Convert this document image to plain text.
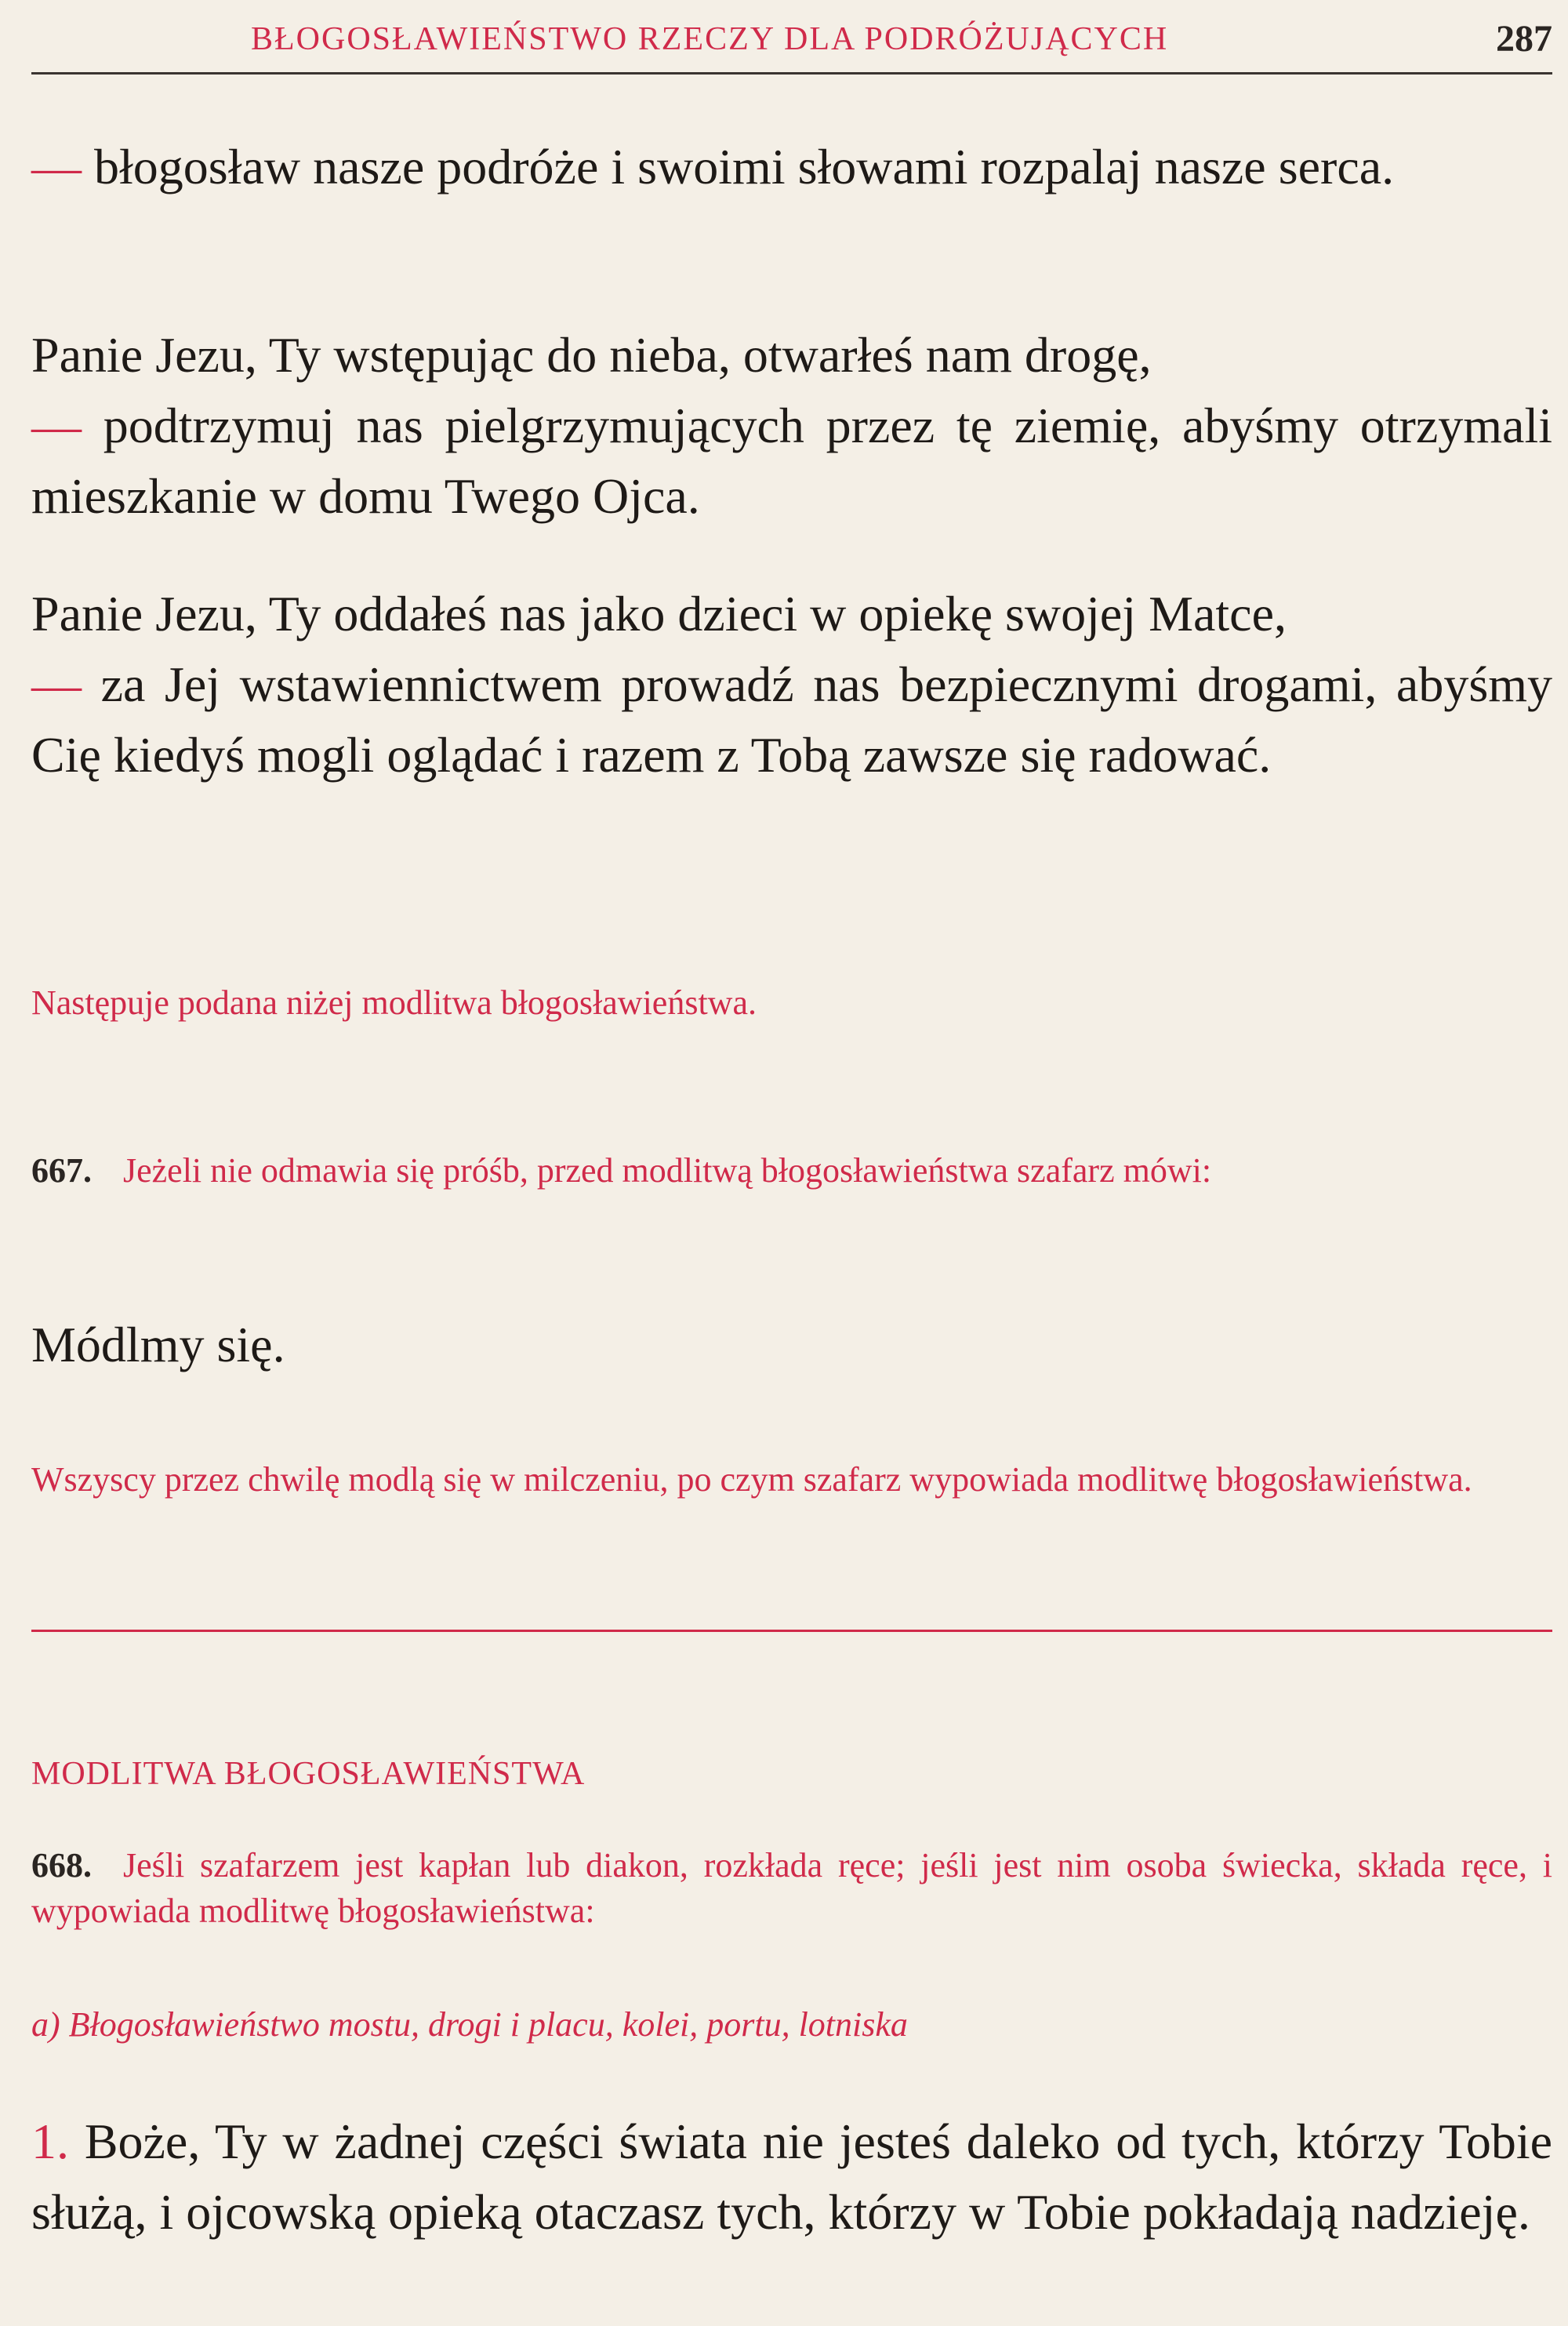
BŁOGOSŁAWIEŃSTWO RZECZY DLA PODRÓŻUJĄCYCH	287

— błogosław nasze podróże i swoimi słowami rozpalaj nasze serca.

Panie Jezu, Ty wstępując do nieba, otwarłeś nam drogę,

— podtrzymuj nas pielgrzymujących przez tę ziemię, abyśmy otrzymali mieszkanie w domu Twego Ojca.

Panie Jezu, Ty oddałeś nas jako dzieci w opiekę swojej Matce,

— za Jej wstawiennictwem prowadź nas bezpiecznymi drogami, abyśmy Cię kiedyś mogli oglądać i razem z Tobą zawsze się radować.

Następuje podana niżej modlitwa błogosławieństwa.

667. Jeżeli nie odmawia się próśb, przed modlitwą błogosławieństwa szafarz mówi:

Módlmy się.

Wszyscy przez chwilę modlą się w milczeniu, po czym szafarz wypowiada modlitwę błogosławieństwa.

MODLITWA BŁOGOSŁAWIEŃSTWA

668. Jeśli szafarzem jest kapłan lub diakon, rozkłada ręce; jeśli jest nim osoba świecka, składa ręce, i wypowiada modlitwę błogosławieństwa:

a) Błogosławieństwo mostu, drogi i placu, kolei, portu, lotniska

1. Boże, Ty w żadnej części świata nie jesteś daleko od tych, którzy Tobie służą, i ojcowską opieką otaczasz tych, którzy w Tobie pokładają nadzieję.
